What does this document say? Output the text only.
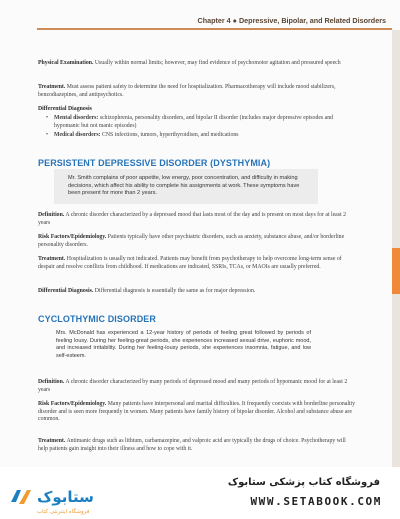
Chapter 4 ● Depressive, Bipolar, and Related Disorders
Physical Examination. Usually within normal limits; however, may find evidence of psychomotor agitation and pressured speech
Treatment. Must assess patient safety to determine the need for hospitalization. Pharmacotherapy will include mood stabilizers, benzodiazepines, and antipsychotics.
Differential Diagnosis
• Mental disorders: schizophrenia, personality disorders, and bipolar II disorder (includes major depressive episodes and hypomanic but not manic episodes)
• Medical disorders: CNS infections, tumors, hyperthyroidism, and medications
PERSISTENT DEPRESSIVE DISORDER (DYSTHYMIA)
Mr. Smith complains of poor appetite, low energy, poor concentration, and difficulty in making decisions, which affect his ability to complete his assignments at work. These symptoms have been present for more than 2 years.
Definition. A chronic disorder characterized by a depressed mood that lasts most of the day and is present on most days for at least 2 years
Risk Factors/Epidemiology. Patients typically have other psychiatric disorders, such as anxiety, substance abuse, and/or borderline personality disorders.
Treatment. Hospitalization is usually not indicated. Patients may benefit from psychotherapy to help overcome long-term sense of despair and resolve conflicts from childhood. If medications are indicated, SSRIs, TCAs, or MAOIs are usually preferred.
Differential Diagnosis. Differential diagnosis is essentially the same as for major depression.
CYCLOTHYMIC DISORDER
Mrs. McDonald has experienced a 12-year history of periods of feeling great followed by periods of feeling lousy. During her feeling-great periods, she experiences increased sexual drive, euphoric mood, and increased irritability. During her feeling-lousy periods, she experiences insomnia, fatigue, and low self-esteem.
Definition. A chronic disorder characterized by many periods of depressed mood and many periods of hypomanic mood for at least 2 years
Risk Factors/Epidemiology. Many patients have interpersonal and marital difficulties. It frequently coexists with borderline personality disorder and is seen more frequently in women. Many patients have family history of bipolar disorder. Alcohol and substance abuse are common.
Treatment. Antimanic drugs such as lithium, carbamazepine, and valproic acid are typically the drugs of choice. Psychotherapy will help patients gain insight into their illness and how to cope with it.
ستابوک
فروشگاه اینترنتی کتاب
فروشگاه کتاب پزشکی ستابوک
WWW.SETABOOK.COM
